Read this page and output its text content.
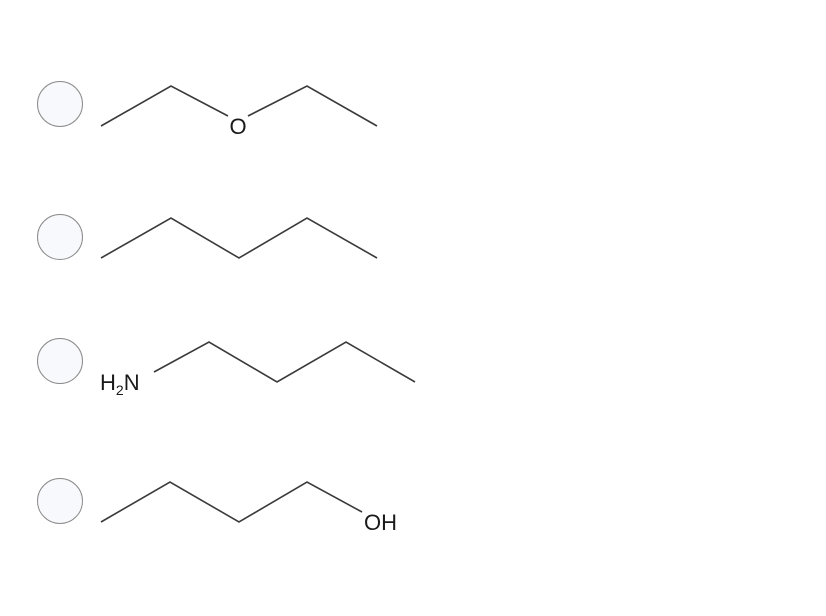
O
$H_2N$
OH
